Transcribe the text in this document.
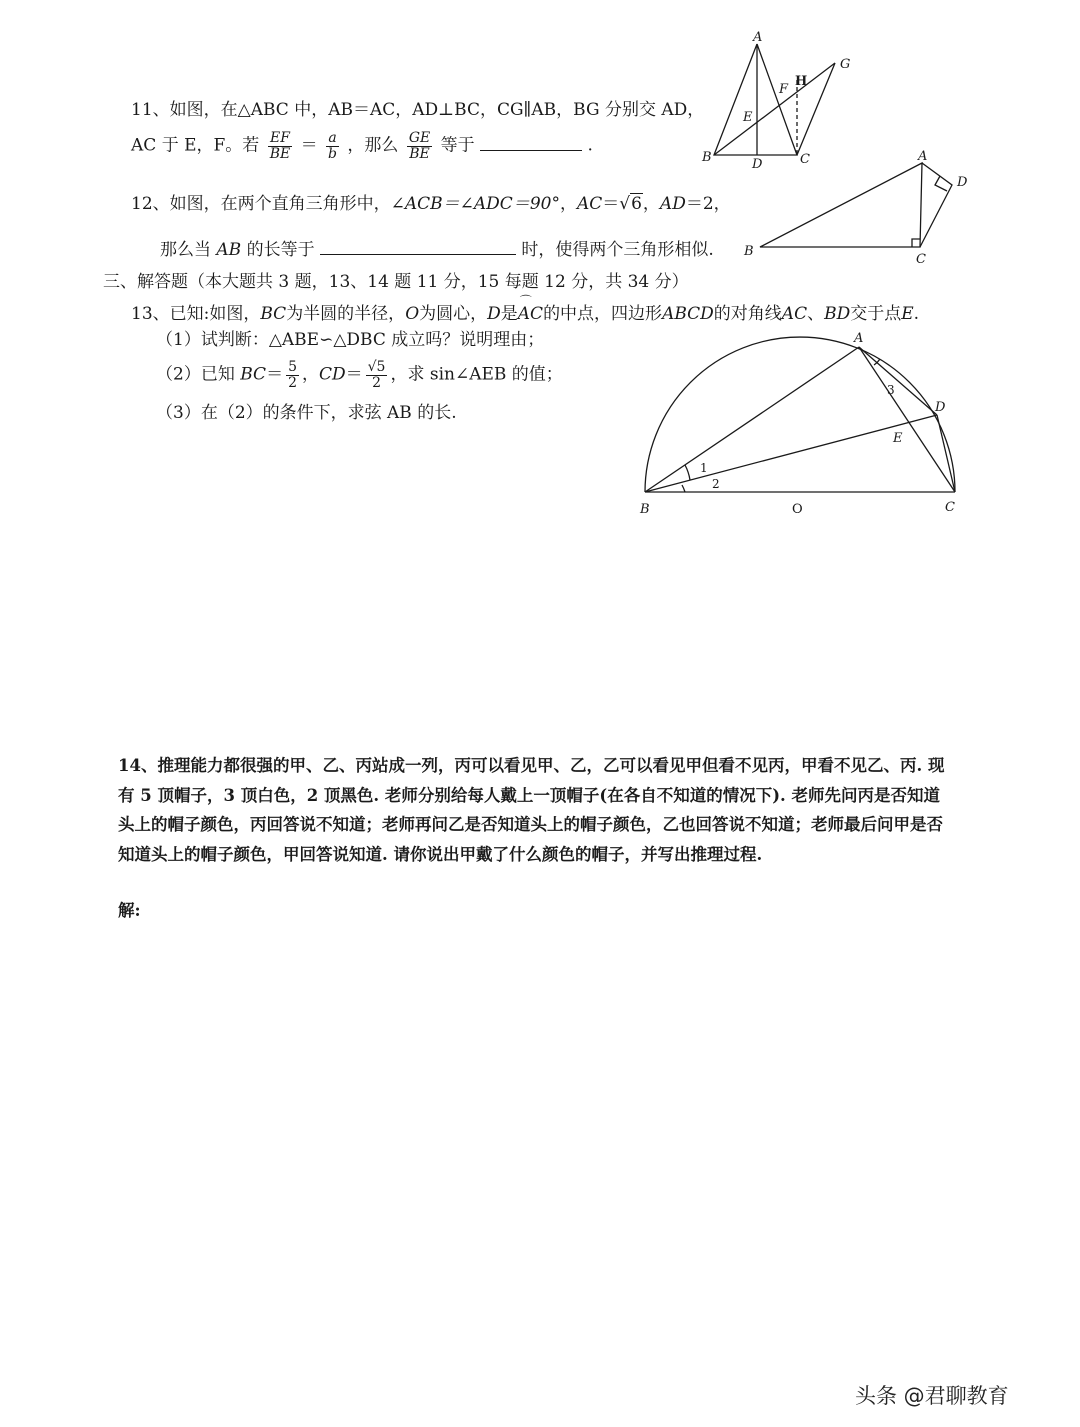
11、如图，在△ABC 中，AB＝AC，AD⊥BC，CG∥AB，BG 分别交 AD，
AC 于 E，F。若 $\frac{EF}{BE} = \frac{a}{b}$ ，那么 $\frac{GE}{BE}$ 等于	.
A
B	C
D
E
F
G
H
12、如图，在两个直角三角形中，∠ACB＝∠ADC＝90°，AC＝√6，AD＝2，
那么当 AB 的长等于	时，使得两个三角形相似.
A
B
C
D
三、解答题（本大题共 3 题，13、14 题 11 分，15 每题 12 分，共 34 分）
13、已知:如图，BC为半圆的半径，O为圆心，D是⌒ AC的中点，四边形ABCD的对角线AC、BD交于点E.
（1）试判断：△ABE∽△DBC 成立吗？说明理由；
（2）已知 $BC= \frac{5}{2}$ ，$CD= \frac{√5}{2}$ ，求 sin∠AEB 的值；
（3）在（2）的条件下，求弦 AB 的长.
A
B	C
D
E
O
1
2
3
14、推理能力都很强的甲、乙、丙站成一列，丙可以看见甲、乙，乙可以看见甲但看不见丙，甲看不见乙、丙. 现有 5 顶帽子，3 顶白色，2 顶黑色. 老师分别给每人戴上一顶帽子(在各自不知道的情况下). 老师先问丙是否知道头上的帽子颜色，丙回答说不知道；老师再问乙是否知道头上的帽子颜色，乙也回答说不知道；老师最后问甲是否知道头上的帽子颜色，甲回答说知道. 请你说出甲戴了什么颜色的帽子，并写出推理过程.
解:
头条 @君聊教育
